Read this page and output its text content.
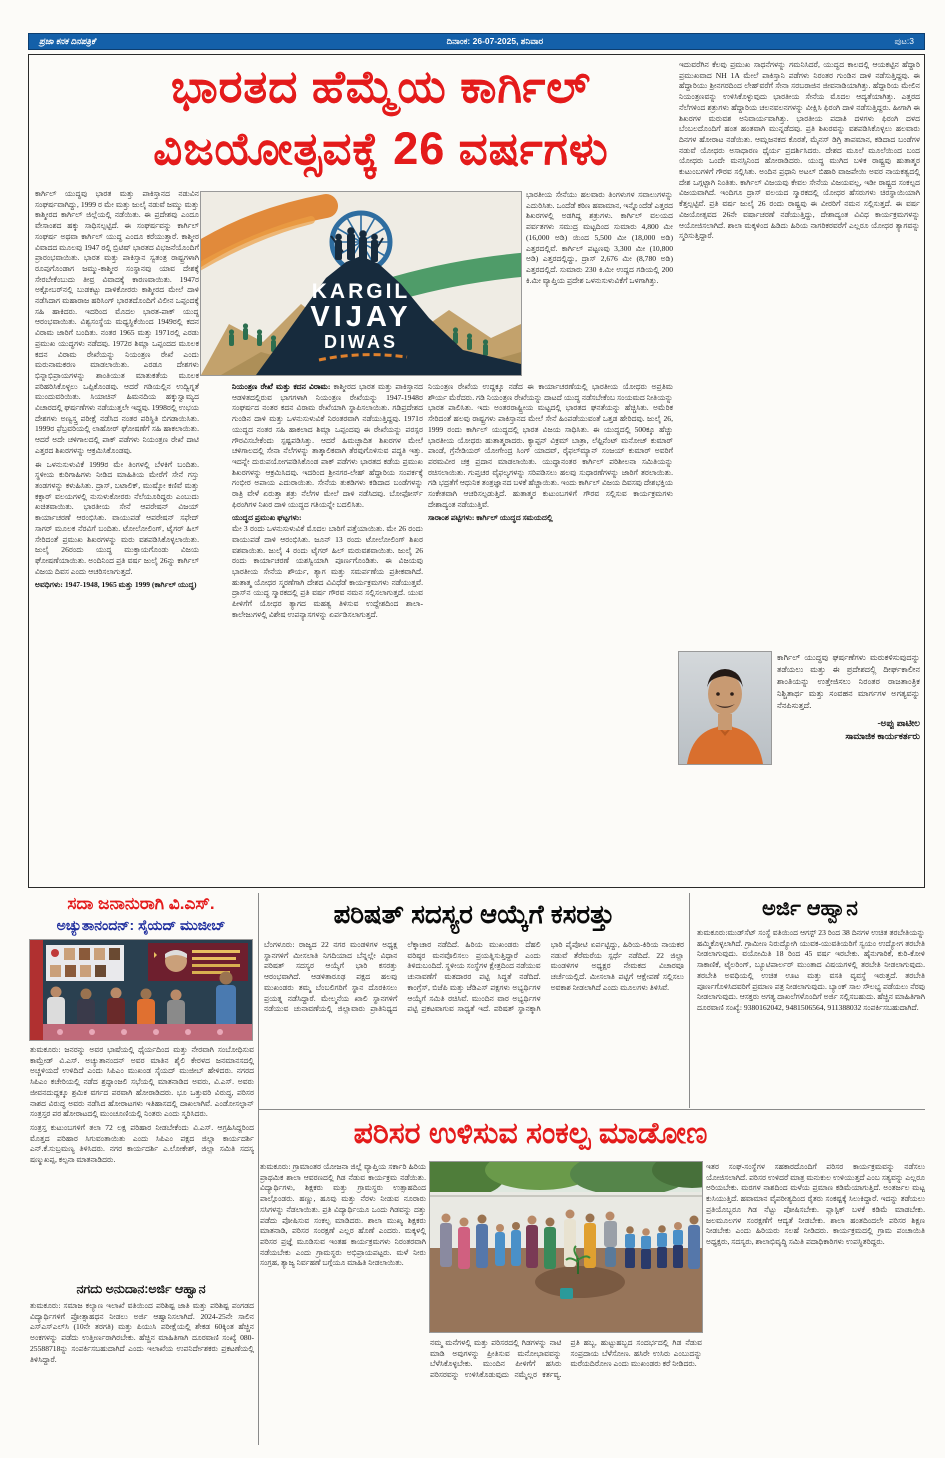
ಪ್ರಜಾ ಕನಕ ದಿನಪತ್ರಿಕೆ	ದಿನಾಂಕ: 26-07-2025, ಶನಿವಾರ	ಪುಟ:3
ಭಾರತದ ಹೆಮ್ಮೆಯ ಕಾರ್ಗಿಲ್
ವಿಜಯೋತ್ಸವಕ್ಕೆ 26 ವರ್ಷಗಳು
ಕಾರ್ಗಿಲ್ ಯುದ್ಧವು ಭಾರತ ಮತ್ತು ಪಾಕಿಸ್ತಾನದ ನಡುವಿನ ಸಂಘರ್ಷವಾಗಿದ್ದು, 1999 ರ ಮೇ ಮತ್ತು ಜುಲೈ ನಡುವೆ ಜಮ್ಮು ಮತ್ತು ಕಾಶ್ಮೀರದ ಕಾರ್ಗಿಲ್ ಜಿಲ್ಲೆಯಲ್ಲಿ ನಡೆಯಿತು. ಈ ಪ್ರದೇಶವು ಎಂದೂ ವೇಸಾಂಶದ ಹಕ್ಕು ಸಾಧಿಸಲ್ಪಟ್ಟಿದೆ. ಈ ಸಂಘರ್ಷವನ್ನು ಕಾರ್ಗಿಲ್ ಸಂಘರ್ಷ ಅಥವಾ ಕಾರ್ಗಿಲ್ ಯುದ್ಧ ಎಂದೂ ಕರೆಯುತ್ತಾರೆ. ಕಾಶ್ಮೀರ ವಿವಾದದ ಮೂಲವು 1947 ರಲ್ಲಿ ಬ್ರಿಟಿಷ್ ಭಾರತದ ವಿಭಜನೆಯೊಂದಿಗೆ ಪ್ರಾರಂಭವಾಯಿತು. ಭಾರತ ಮತ್ತು ಪಾಕಿಸ್ತಾನ ಸ್ವತಂತ್ರ ರಾಷ್ಟ್ರಗಳಾಗಿ ರೂಪುಗೊಂಡಾಗ ಜಮ್ಮು-ಕಾಶ್ಮೀರ ಸಂಸ್ಥಾನವು ಯಾವ ದೇಶಕ್ಕೆ ಸೇರಬೇಕೆಂಬುದು ತೀವ್ರ ವಿವಾದಕ್ಕೆ ಕಾರಣವಾಯಿತು. 1947ರ ಅಕ್ಟೋಬರ್‌ನಲ್ಲಿ ಬುಡಕಟ್ಟು ದಾಳಿಕೋರರು ಕಾಶ್ಮೀರದ ಮೇಲೆ ದಾಳಿ ನಡೆಸಿದಾಗ ಮಹಾರಾಜ ಹರಿಸಿಂಗ್ ಭಾರತದೊಂದಿಗೆ ವಿಲೀನ ಒಪ್ಪಂದಕ್ಕೆ ಸಹಿ ಹಾಕಿದರು. ಇದರಿಂದ ಮೊದಲ ಭಾರತ-ಪಾಕ್ ಯುದ್ಧ ಆರಂಭವಾಯಿತು. ವಿಶ್ವಸಂಸ್ಥೆಯ ಮಧ್ಯಸ್ಥಿಕೆಯಿಂದ 1949ರಲ್ಲಿ ಕದನ ವಿರಾಮ ಜಾರಿಗೆ ಬಂದಿತು. ನಂತರ 1965 ಮತ್ತು 1971ರಲ್ಲಿ ಎರಡು ಪ್ರಮುಖ ಯುದ್ಧಗಳು ನಡೆದವು. 1972ರ ಶಿಮ್ಲಾ ಒಪ್ಪಂದದ ಮೂಲಕ ಕದನ ವಿರಾಮ ರೇಖೆಯನ್ನು ನಿಯಂತ್ರಣ ರೇಖೆ ಎಂದು ಮರುನಾಮಕರಣ ಮಾಡಲಾಯಿತು. ಎರಡೂ ದೇಶಗಳು ಭಿನ್ನಾಭಿಪ್ರಾಯಗಳನ್ನು ಶಾಂತಿಯುತ ಮಾತುಕತೆಯ ಮೂಲಕ ಪರಿಹರಿಸಿಕೊಳ್ಳಲು ಒಪ್ಪಿಕೊಂಡವು. ಆದರೆ ಗಡಿಯಲ್ಲಿನ ಉದ್ವಿಗ್ನತೆ ಮುಂದುವರಿಯಿತು. ಸಿಯಾಚಿನ್ ಹಿಮನದಿಯ ಹಕ್ಕುಸ್ವಾಮ್ಯದ ವಿಚಾರದಲ್ಲಿ ಘರ್ಷಣೆಗಳು ನಡೆಯುತ್ತಲೇ ಇದ್ದವು. 1998ರಲ್ಲಿ ಉಭಯ ದೇಶಗಳು ಅಣ್ವಸ್ತ್ರ ಪರೀಕ್ಷೆ ನಡೆಸಿದ ನಂತರ ಪರಿಸ್ಥಿತಿ ಬಿಗಡಾಯಿಸಿತು. 1999ರ ಫೆಬ್ರವರಿಯಲ್ಲಿ ಲಾಹೋರ್ ಘೋಷಣೆಗೆ ಸಹಿ ಹಾಕಲಾಯಿತು. ಆದರೆ ಅದೇ ಚಳಿಗಾಲದಲ್ಲಿ ಪಾಕ್ ಪಡೆಗಳು ನಿಯಂತ್ರಣ ರೇಖೆ ದಾಟಿ ಎತ್ತರದ ಶಿಖರಗಳನ್ನು ಆಕ್ರಮಿಸಿಕೊಂಡವು.
ಈ ಒಳನುಸುಳುವಿಕೆ 1999ರ ಮೇ ತಿಂಗಳಲ್ಲಿ ಬೆಳಕಿಗೆ ಬಂದಿತು. ಸ್ಥಳೀಯ ಕುರಿಗಾಹಿಗಳು ನೀಡಿದ ಮಾಹಿತಿಯ ಮೇರೆಗೆ ಸೇನೆ ಗಸ್ತು ತಂಡಗಳನ್ನು ಕಳುಹಿಸಿತು. ದ್ರಾಸ್, ಬಟಾಲಿಕ್, ಮುಷ್ಕೋ ಕಣಿವೆ ಮತ್ತು ಕಕ್ಸಾರ್ ವಲಯಗಳಲ್ಲಿ ನುಸುಳುಕೋರರು ನೆಲೆಯೂರಿದ್ದರು ಎಂಬುದು ಖಚಿತವಾಯಿತು. ಭಾರತೀಯ ಸೇನೆ ಆಪರೇಷನ್ ವಿಜಯ್ ಕಾರ್ಯಾಚರಣೆ ಆರಂಭಿಸಿತು. ವಾಯುಪಡೆ ಆಪರೇಷನ್ ಸಫೇದ್ ಸಾಗರ್ ಮೂಲಕ ನೆರವಿಗೆ ಬಂದಿತು. ಟೋಲೋಲಿಂಗ್, ಟೈಗರ್ ಹಿಲ್ ಸೇರಿದಂತೆ ಪ್ರಮುಖ ಶಿಖರಗಳನ್ನು ಮರು ವಶಪಡಿಸಿಕೊಳ್ಳಲಾಯಿತು. ಜುಲೈ 26ರಂದು ಯುದ್ಧ ಮುಕ್ತಾಯಗೊಂಡು ವಿಜಯ ಘೋಷಣೆಯಾಯಿತು. ಅಂದಿನಿಂದ ಪ್ರತಿ ವರ್ಷ ಜುಲೈ 26ನ್ನು ಕಾರ್ಗಿಲ್ ವಿಜಯ ದಿವಸ ಎಂದು ಆಚರಿಸಲಾಗುತ್ತದೆ.
ಅವಧಿಗಳು: 1947-1948, 1965 ಮತ್ತು 1999 (ಕಾರ್ಗಿಲ್ ಯುದ್ಧ)
KARGIL
VIJAY
DIWAS
ಭಾರತೀಯ ಸೇನೆಯು ಹಲವಾರು ತಿಂಗಳುಗಳ ಸವಾಲುಗಳನ್ನು ಎದುರಿಸಿತು. ಒಂದೆಡೆ ಕಠಿಣ ಹವಾಮಾನ, ಇನ್ನೊಂದೆಡೆ ಎತ್ತರದ ಶಿಖರಗಳಲ್ಲಿ ಅಡಗಿದ್ದ ಶತ್ರುಗಳು. ಕಾರ್ಗಿಲ್ ವಲಯದ ಪರ್ವತಗಳು ಸಮುದ್ರ ಮಟ್ಟದಿಂದ ಸುಮಾರು 4,800 ಮೀ (16,000 ಅಡಿ) ಯಿಂದ 5,500 ಮೀ (18,000 ಅಡಿ) ಎತ್ತರದಲ್ಲಿವೆ. ಕಾರ್ಗಿಲ್ ಪಟ್ಟಣವು 3,300 ಮೀ (10,800 ಅಡಿ) ಎತ್ತರದಲ್ಲಿದ್ದು, ದ್ರಾಸ್ 2,676 ಮೀ (8,780 ಅಡಿ) ಎತ್ತರದಲ್ಲಿದೆ. ಸುಮಾರು 230 ಕಿ.ಮೀ ಉದ್ದದ ಗಡಿಯಲ್ಲಿ 200 ಕಿ.ಮೀ ವ್ಯಾಪ್ತಿಯ ಪ್ರದೇಶ ಒಳನುಸುಳುವಿಕೆಗೆ ಒಳಗಾಗಿತ್ತು.
ನಿಯಂತ್ರಣ ರೇಖೆ ಮತ್ತು ಕದನ ವಿರಾಮ: ಕಾಶ್ಮೀರದ ಭಾರತ ಮತ್ತು ಪಾಕಿಸ್ತಾನದ ಆಡಳಿತದಲ್ಲಿರುವ ಭಾಗಗಳಾಗಿ ನಿಯಂತ್ರಣ ರೇಖೆಯನ್ನು 1947-1948ರ ಸಂಘರ್ಷದ ನಂತರ ಕದನ ವಿರಾಮ ರೇಖೆಯಾಗಿ ಸ್ಥಾಪಿಸಲಾಯಿತು. ಗಡಿಪ್ರದೇಶದ ಗುಂಡಿನ ದಾಳಿ ಮತ್ತು ಒಳನುಸುಳುವಿಕೆ ನಿರಂತರವಾಗಿ ನಡೆಯುತ್ತಿದ್ದವು. 1971ರ ಯುದ್ಧದ ನಂತರ ಸಹಿ ಹಾಕಲಾದ ಶಿಮ್ಲಾ ಒಪ್ಪಂದವು ಈ ರೇಖೆಯನ್ನು ಪರಸ್ಪರ ಗೌರವಿಸಬೇಕೆಂದು ಸ್ಪಷ್ಟಪಡಿಸಿತ್ತು. ಆದರೆ ಹಿಮಚ್ಛಾದಿತ ಶಿಖರಗಳ ಮೇಲೆ ಚಳಿಗಾಲದಲ್ಲಿ ಸೇನಾ ನೆಲೆಗಳನ್ನು ತಾತ್ಕಾಲಿಕವಾಗಿ ತೆರವುಗೊಳಿಸುವ ಪದ್ಧತಿ ಇತ್ತು. ಇದನ್ನೇ ದುರುಪಯೋಗಪಡಿಸಿಕೊಂಡ ಪಾಕ್ ಪಡೆಗಳು ಭಾರತದ ಕಡೆಯ ಪ್ರಮುಖ ಶಿಖರಗಳನ್ನು ಆಕ್ರಮಿಸಿದವು. ಇದರಿಂದ ಶ್ರೀನಗರ-ಲೇಹ್ ಹೆದ್ದಾರಿಯ ಸಂಪರ್ಕಕ್ಕೆ ಗಂಭೀರ ಅಪಾಯ ಎದುರಾಯಿತು. ಸೇನೆಯ ತುಕಡಿಗಳು ಕಡಿದಾದ ಬಂಡೆಗಳನ್ನು ರಾತ್ರಿ ವೇಳೆ ಏರುತ್ತಾ ಶತ್ರು ನೆಲೆಗಳ ಮೇಲೆ ದಾಳಿ ನಡೆಸಿದವು. ಬೋಫೋರ್ಸ್ ಫಿರಂಗಿಗಳ ನಿಖರ ದಾಳಿ ಯುದ್ಧದ ಗತಿಯನ್ನೇ ಬದಲಿಸಿತು.
ಯುದ್ಧದ ಪ್ರಮುಖ ಘಟ್ಟಗಳು:
ಮೇ 3 ರಂದು ಒಳನುಸುಳುವಿಕೆ ಮೊದಲ ಬಾರಿಗೆ ಪತ್ತೆಯಾಯಿತು. ಮೇ 26 ರಂದು ವಾಯುಪಡೆ ದಾಳಿ ಆರಂಭಿಸಿತು. ಜೂನ್ 13 ರಂದು ಟೋಲೋಲಿಂಗ್ ಶಿಖರ ವಶವಾಯಿತು. ಜುಲೈ 4 ರಂದು ಟೈಗರ್ ಹಿಲ್ ಮರುವಶವಾಯಿತು. ಜುಲೈ 26 ರಂದು ಕಾರ್ಯಾಚರಣೆ ಯಶಸ್ವಿಯಾಗಿ ಪೂರ್ಣಗೊಂಡಿತು. ಈ ವಿಜಯವು ಭಾರತೀಯ ಸೇನೆಯ ಶೌರ್ಯ, ತ್ಯಾಗ ಮತ್ತು ಸಮರ್ಪಣೆಯ ಪ್ರತೀಕವಾಗಿದೆ. ಹುತಾತ್ಮ ಯೋಧರ ಸ್ಮರಣೆಗಾಗಿ ದೇಶದ ವಿವಿಧೆಡೆ ಕಾರ್ಯಕ್ರಮಗಳು ನಡೆಯುತ್ತವೆ. ದ್ರಾಸ್‌ನ ಯುದ್ಧ ಸ್ಮಾರಕದಲ್ಲಿ ಪ್ರತಿ ವರ್ಷ ಗೌರವ ನಮನ ಸಲ್ಲಿಸಲಾಗುತ್ತದೆ. ಯುವ ಪೀಳಿಗೆಗೆ ಯೋಧರ ತ್ಯಾಗದ ಮಹತ್ವ ತಿಳಿಸುವ ಉದ್ದೇಶದಿಂದ ಶಾಲಾ-ಕಾಲೇಜುಗಳಲ್ಲಿ ವಿಶೇಷ ಉಪನ್ಯಾಸಗಳನ್ನು ಏರ್ಪಡಿಸಲಾಗುತ್ತದೆ.
ನಿಯಂತ್ರಣ ರೇಖೆಯ ಉದ್ದಕ್ಕೂ ನಡೆದ ಈ ಕಾರ್ಯಾಚರಣೆಯಲ್ಲಿ ಭಾರತೀಯ ಯೋಧರು ಅಪ್ರತಿಮ ಶೌರ್ಯ ಮೆರೆದರು. ಗಡಿ ನಿಯಂತ್ರಣ ರೇಖೆಯನ್ನು ದಾಟದೆ ಯುದ್ಧ ನಡೆಸಬೇಕೆಂಬ ಸಂಯಮದ ನೀತಿಯನ್ನು ಭಾರತ ಪಾಲಿಸಿತು. ಇದು ಅಂತರರಾಷ್ಟ್ರೀಯ ಮಟ್ಟದಲ್ಲಿ ಭಾರತದ ಘನತೆಯನ್ನು ಹೆಚ್ಚಿಸಿತು. ಅಮೆರಿಕ ಸೇರಿದಂತೆ ಹಲವು ರಾಷ್ಟ್ರಗಳು ಪಾಕಿಸ್ತಾನದ ಮೇಲೆ ಸೇನೆ ಹಿಂಪಡೆಯುವಂತೆ ಒತ್ತಡ ಹೇರಿದವು. ಜುಲೈ 26, 1999 ರಂದು ಕಾರ್ಗಿಲ್ ಯುದ್ಧದಲ್ಲಿ ಭಾರತ ವಿಜಯ ಸಾಧಿಸಿತು. ಈ ಯುದ್ಧದಲ್ಲಿ 500ಕ್ಕೂ ಹೆಚ್ಚು ಭಾರತೀಯ ಯೋಧರು ಹುತಾತ್ಮರಾದರು. ಕ್ಯಾಪ್ಟನ್ ವಿಕ್ರಮ್ ಬಾತ್ರಾ, ಲೆಫ್ಟಿನೆಂಟ್ ಮನೋಜ್ ಕುಮಾರ್ ಪಾಂಡೆ, ಗ್ರೆನೇಡಿಯರ್ ಯೋಗೇಂದ್ರ ಸಿಂಗ್ ಯಾದವ್, ರೈಫಲ್‌ಮ್ಯಾನ್ ಸಂಜಯ್ ಕುಮಾರ್ ಅವರಿಗೆ ಪರಮವೀರ ಚಕ್ರ ಪ್ರದಾನ ಮಾಡಲಾಯಿತು. ಯುದ್ಧಾನಂತರ ಕಾರ್ಗಿಲ್ ಪರಿಶೀಲನಾ ಸಮಿತಿಯನ್ನು ರಚಿಸಲಾಯಿತು. ಗುಪ್ತಚರ ವೈಫಲ್ಯಗಳನ್ನು ಸರಿಪಡಿಸಲು ಹಲವು ಸುಧಾರಣೆಗಳನ್ನು ಜಾರಿಗೆ ತರಲಾಯಿತು. ಗಡಿ ಭದ್ರತೆಗೆ ಆಧುನಿಕ ತಂತ್ರಜ್ಞಾನದ ಬಳಕೆ ಹೆಚ್ಚಾಯಿತು. ಇಂದು ಕಾರ್ಗಿಲ್ ವಿಜಯ ದಿವಸವು ದೇಶಭಕ್ತಿಯ ಸಂಕೇತವಾಗಿ ಆಚರಿಸಲ್ಪಡುತ್ತಿದೆ. ಹುತಾತ್ಮರ ಕುಟುಂಬಗಳಿಗೆ ಗೌರವ ಸಲ್ಲಿಸುವ ಕಾರ್ಯಕ್ರಮಗಳು ದೇಶಾದ್ಯಂತ ನಡೆಯುತ್ತಿವೆ.
ಸಾರಾಂಶ ಪಟ್ಟಿಗಳು: ಕಾರ್ಗಿಲ್ ಯುದ್ಧದ ಸಮಯದಲ್ಲಿ
ಇದುವರೆಗಿನ ಕೆಲವು ಪ್ರಮುಖ ಸಾಧನೆಗಳನ್ನು ಗಮನಿಸಿದರೆ, ಯುದ್ಧದ ಕಾಲದಲ್ಲಿ ಆಯಕಟ್ಟಿನ ಹೆದ್ದಾರಿ ಪ್ರಮುಖವಾದ NH 1A ಮೇಲೆ ಪಾಕಿಸ್ತಾನಿ ಪಡೆಗಳು ನಿರಂತರ ಗುಂಡಿನ ದಾಳಿ ನಡೆಸುತ್ತಿದ್ದವು. ಈ ಹೆದ್ದಾರಿಯು ಶ್ರೀನಗರದಿಂದ ಲೇಹ್‌ವರೆಗೆ ಸೇನಾ ಸರಬರಾಜಿನ ಜೀವನಾಡಿಯಾಗಿತ್ತು. ಹೆದ್ದಾರಿಯ ಮೇಲಿನ ನಿಯಂತ್ರಣವನ್ನು ಉಳಿಸಿಕೊಳ್ಳುವುದು ಭಾರತೀಯ ಸೇನೆಯ ಮೊದಲ ಆದ್ಯತೆಯಾಗಿತ್ತು. ಎತ್ತರದ ನೆಲೆಗಳಿಂದ ಶತ್ರುಗಳು ಹೆದ್ದಾರಿಯ ಚಲನವಲನಗಳನ್ನು ವೀಕ್ಷಿಸಿ ಫಿರಂಗಿ ದಾಳಿ ನಡೆಸುತ್ತಿದ್ದರು. ಹೀಗಾಗಿ ಈ ಶಿಖರಗಳ ಮರುವಶ ಅನಿವಾರ್ಯವಾಗಿತ್ತು. ಭಾರತೀಯ ಪದಾತಿ ದಳಗಳು ಫಿರಂಗಿ ದಳದ ಬೆಂಬಲದೊಂದಿಗೆ ಹಂತ ಹಂತವಾಗಿ ಮುನ್ನಡೆದವು. ಪ್ರತಿ ಶಿಖರವನ್ನು ವಶಪಡಿಸಿಕೊಳ್ಳಲು ಹಲವಾರು ದಿನಗಳ ಹೋರಾಟ ನಡೆಯಿತು. ಆಮ್ಲಜನಕದ ಕೊರತೆ, ಮೈನಸ್ ಡಿಗ್ರಿ ತಾಪಮಾನ, ಕಡಿದಾದ ಬಂಡೆಗಳ ನಡುವೆ ಯೋಧರು ಅಸಾಧಾರಣ ಧೈರ್ಯ ಪ್ರದರ್ಶಿಸಿದರು. ದೇಶದ ಮೂಲೆ ಮೂಲೆಯಿಂದ ಬಂದ ಯೋಧರು ಒಂದೇ ಮನಸ್ಸಿನಿಂದ ಹೋರಾಡಿದರು. ಯುದ್ಧ ಮುಗಿದ ಬಳಿಕ ರಾಷ್ಟ್ರವು ಹುತಾತ್ಮರ ಕುಟುಂಬಗಳಿಗೆ ಗೌರವ ಸಲ್ಲಿಸಿತು. ಅಂದಿನ ಪ್ರಧಾನಿ ಅಟಲ್ ಬಿಹಾರಿ ವಾಜಪೇಯಿ ಅವರ ನಾಯಕತ್ವದಲ್ಲಿ ದೇಶ ಒಗ್ಗಟ್ಟಾಗಿ ನಿಂತಿತು. ಕಾರ್ಗಿಲ್ ವಿಜಯವು ಕೇವಲ ಸೇನೆಯ ವಿಜಯವಲ್ಲ, ಇಡೀ ರಾಷ್ಟ್ರದ ಸಂಕಲ್ಪದ ವಿಜಯವಾಗಿದೆ. ಇಂದಿಗೂ ದ್ರಾಸ್ ವಲಯದ ಸ್ಮಾರಕದಲ್ಲಿ ಯೋಧರ ಹೆಸರುಗಳು ಚಿರಸ್ಥಾಯಿಯಾಗಿ ಕೆತ್ತಲ್ಪಟ್ಟಿವೆ. ಪ್ರತಿ ವರ್ಷ ಜುಲೈ 26 ರಂದು ರಾಷ್ಟ್ರವು ಈ ವೀರರಿಗೆ ನಮನ ಸಲ್ಲಿಸುತ್ತದೆ. ಈ ವರ್ಷ ವಿಜಯೋತ್ಸವದ 26ನೇ ವರ್ಷಾಚರಣೆ ನಡೆಯುತ್ತಿದ್ದು, ದೇಶಾದ್ಯಂತ ವಿವಿಧ ಕಾರ್ಯಕ್ರಮಗಳನ್ನು ಆಯೋಜಿಸಲಾಗಿದೆ. ಶಾಲಾ ಮಕ್ಕಳಿಂದ ಹಿಡಿದು ಹಿರಿಯ ನಾಗರಿಕರವರೆಗೆ ಎಲ್ಲರೂ ಯೋಧರ ತ್ಯಾಗವನ್ನು ಸ್ಮರಿಸುತ್ತಿದ್ದಾರೆ.
ಕಾರ್ಗಿಲ್ ಯುದ್ಧವು ಘರ್ಷಣೆಗಳು ಮರುಕಳಿಸುವುದನ್ನು ತಡೆಯಲು ಮತ್ತು ಈ ಪ್ರದೇಶದಲ್ಲಿ ದೀರ್ಘಕಾಲೀನ ಶಾಂತಿಯನ್ನು ಉತ್ತೇಜಿಸಲು ನಿರಂತರ ರಾಜತಾಂತ್ರಿಕ ನಿಶ್ಚಿತಾರ್ಥ ಮತ್ತು ಸಂವಹನ ಮಾರ್ಗಗಳ ಅಗತ್ಯವನ್ನು ನೆನಪಿಸುತ್ತದೆ.
-ಅಪ್ಪು ಪಾಟೀಲ
ಸಾಮಾಜಿಕ ಕಾರ್ಯಕರ್ತರು
ಸದಾ ಜನಾನುರಾಗಿ ವಿ.ಎಸ್.
ಅಚ್ಯುತಾನಂದನ್: ಸೈಯದ್ ಮುಜೀಬ್
ತುಮಕೂರು: ಜನರನ್ನು ಅವರ ಭಾಷೆಯಲ್ಲಿ ಧೈರ್ಯದಿಂದ ಮತ್ತು ನೇರವಾಗಿ ಸಂಬೋಧಿಸುವ ಕಾಮ್ರೇಡ್ ವಿ.ಎಸ್. ಅಚ್ಯುತಾನಂದನ್ ಅವರ ಮಾತಿನ ಶೈಲಿ ಕೇರಳದ ಜನಮಾನಸದಲ್ಲಿ ಅಚ್ಚಳಿಯದೆ ಉಳಿದಿದೆ ಎಂದು ಸಿಪಿಎಂ ಮುಖಂಡ ಸೈಯದ್ ಮುಜೀಬ್ ಹೇಳಿದರು. ನಗರದ ಸಿಪಿಎಂ ಕಚೇರಿಯಲ್ಲಿ ನಡೆದ ಶ್ರದ್ಧಾಂಜಲಿ ಸಭೆಯಲ್ಲಿ ಮಾತನಾಡಿದ ಅವರು, ವಿ.ಎಸ್. ಅವರು ಜೀವನದುದ್ದಕ್ಕೂ ಶ್ರಮಿಕ ವರ್ಗದ ಪರವಾಗಿ ಹೋರಾಡಿದರು. ಭೂ ಒತ್ತುವರಿ ವಿರುದ್ಧ, ಪರಿಸರ ನಾಶದ ವಿರುದ್ಧ ಅವರು ನಡೆಸಿದ ಹೋರಾಟಗಳು ಇತಿಹಾಸದಲ್ಲಿ ದಾಖಲಾಗಿವೆ. ಎಂಡೋಸಲ್ಫಾನ್ ಸಂತ್ರಸ್ತರ ಪರ ಹೋರಾಟದಲ್ಲಿ ಮುಂಚೂಣಿಯಲ್ಲಿ ನಿಂತರು ಎಂದು ಸ್ಮರಿಸಿದರು.
ಸಂತ್ರಸ್ತ ಕುಟುಂಬಗಳಿಗೆ ತಲಾ 72 ಲಕ್ಷ ಪರಿಹಾರ ನೀಡಬೇಕೆಂದು ವಿ.ಎಸ್. ಆಗ್ರಹಿಸಿದ್ದರಿಂದ ಮೊತ್ತದ ಪರಿಹಾರ ಸಿಗುವಂತಾಯಿತು ಎಂದು ಸಿಪಿಎಂ ಪಕ್ಷದ ಜಿಲ್ಲಾ ಕಾರ್ಯದರ್ಶಿ ಎನ್.ಕೆ.ಸುಬ್ರಮಣ್ಯ ತಿಳಿಸಿದರು. ನಗರ ಕಾರ್ಯದರ್ಶಿ ಎ.ಲೋಕೇಶ್, ಜಿಲ್ಲಾ ಸಮಿತಿ ಸದಸ್ಯ ಷಣ್ಮುಖಪ್ಪ, ಕಲ್ಪನಾ ಮಾತನಾಡಿದರು.
ನಗದು ಅನುದಾನ:ಅರ್ಜಿ ಆಹ್ವಾನ
ತುಮಕೂರು: ಸಮಾಜ ಕಲ್ಯಾಣ ಇಲಾಖೆ ವತಿಯಿಂದ ಪರಿಶಿಷ್ಟ ಜಾತಿ ಮತ್ತು ಪರಿಶಿಷ್ಟ ಪಂಗಡದ ವಿದ್ಯಾರ್ಥಿಗಳಿಗೆ ಪ್ರೋತ್ಸಾಹಧನ ನೀಡಲು ಅರ್ಜಿ ಆಹ್ವಾನಿಸಲಾಗಿದೆ. 2024-25ನೇ ಸಾಲಿನ ಎಸ್‌ಎಸ್‌ಎಲ್‌ಸಿ (10ನೇ ತರಗತಿ) ಮತ್ತು ಪಿಯುಸಿ ಪರೀಕ್ಷೆಯಲ್ಲಿ ಶೇಕಡ 60ಕ್ಕಿಂತ ಹೆಚ್ಚಿನ ಅಂಕಗಳನ್ನು ಪಡೆದು ಉತ್ತೀರ್ಣರಾಗಿರಬೇಕು. ಹೆಚ್ಚಿನ ಮಾಹಿತಿಗಾಗಿ ದೂರವಾಣಿ ಸಂಖ್ಯೆ 080-25588718ನ್ನು ಸಂಪರ್ಕಿಸಬಹುದಾಗಿದೆ ಎಂದು ಇಲಾಖೆಯ ಉಪನಿರ್ದೇಶಕರು ಪ್ರಕಟಣೆಯಲ್ಲಿ ತಿಳಿಸಿದ್ದಾರೆ.
ಪರಿಷತ್ ಸದಸ್ಯರ ಆಯ್ಕೆಗೆ ಕಸರತ್ತು
ಬೆಂಗಳೂರು: ರಾಜ್ಯದ 22 ನಗರ ಮಂಡಳಿಗಳ ಅಧ್ಯಕ್ಷ ಸ್ಥಾನಗಳಿಗೆ ಮೀಸಲಾತಿ ನಿಗದಿಯಾದ ಬೆನ್ನಲ್ಲೇ ವಿಧಾನ ಪರಿಷತ್ ಸದಸ್ಯರ ಆಯ್ಕೆಗೆ ಭಾರಿ ಕಸರತ್ತು ಆರಂಭವಾಗಿದೆ. ಆಡಳಿತಾರೂಢ ಪಕ್ಷದ ಹಲವು ಮುಖಂಡರು ತಮ್ಮ ಬೆಂಬಲಿಗರಿಗೆ ಸ್ಥಾನ ದೊರಕಿಸಲು ಪ್ರಯತ್ನ ನಡೆಸಿದ್ದಾರೆ. ಮೇಲ್ಮನೆಯ ಖಾಲಿ ಸ್ಥಾನಗಳಿಗೆ ನಡೆಯುವ ಚುನಾವಣೆಯಲ್ಲಿ ಜಿಲ್ಲಾವಾರು ಪ್ರಾತಿನಿಧ್ಯದ ಲೆಕ್ಕಾಚಾರ ನಡೆದಿದೆ. ಹಿರಿಯ ಮುಖಂಡರು ದೆಹಲಿ ವರಿಷ್ಠರ ಮನವೊಲಿಸಲು ಪ್ರಯತ್ನಿಸುತ್ತಿದ್ದಾರೆ ಎಂದು ತಿಳಿದುಬಂದಿದೆ. ಸ್ಥಳೀಯ ಸಂಸ್ಥೆಗಳ ಕ್ಷೇತ್ರದಿಂದ ನಡೆಯುವ ಚುನಾವಣೆಗೆ ಮತದಾರರ ಪಟ್ಟಿ ಸಿದ್ಧತೆ ನಡೆದಿದೆ. ಕಾಂಗ್ರೆಸ್, ಬಿಜೆಪಿ ಮತ್ತು ಜೆಡಿಎಸ್ ಪಕ್ಷಗಳು ಅಭ್ಯರ್ಥಿಗಳ ಆಯ್ಕೆಗೆ ಸಮಿತಿ ರಚಿಸಿವೆ. ಮುಂದಿನ ವಾರ ಅಭ್ಯರ್ಥಿಗಳ ಪಟ್ಟಿ ಪ್ರಕಟವಾಗುವ ಸಾಧ್ಯತೆ ಇದೆ. ಪರಿಷತ್ ಸ್ಥಾನಕ್ಕಾಗಿ ಭಾರಿ ಪೈಪೋಟಿ ಏರ್ಪಟ್ಟಿದ್ದು, ಹಿರಿಯ-ಕಿರಿಯ ನಾಯಕರ ನಡುವೆ ತೆರೆಮರೆಯ ಸ್ಪರ್ಧೆ ನಡೆದಿದೆ. 22 ಜಿಲ್ಲಾ ಮಂಡಳಿಗಳ ಅಧ್ಯಕ್ಷರ ನೇಮಕದ ವಿಚಾರವೂ ಚರ್ಚೆಯಲ್ಲಿದೆ. ಮೀಸಲಾತಿ ಪಟ್ಟಿಗೆ ಆಕ್ಷೇಪಣೆ ಸಲ್ಲಿಸಲು ಅವಕಾಶ ನೀಡಲಾಗಿದೆ ಎಂದು ಮೂಲಗಳು ತಿಳಿಸಿವೆ.
ಅರ್ಜಿ ಆಹ್ವಾನ
ತುಮಕೂರು:ಮುಡ್‌ಸೆಟ್ ಸಂಸ್ಥೆ ವತಿಯಿಂದ ಆಗಸ್ಟ್ 23 ರಿಂದ 38 ದಿನಗಳ ಉಚಿತ ತರಬೇತಿಯನ್ನು ಹಮ್ಮಿಕೊಳ್ಳಲಾಗಿದೆ. ಗ್ರಾಮೀಣ ನಿರುದ್ಯೋಗಿ ಯುವಕ-ಯುವತಿಯರಿಗೆ ಸ್ವಯಂ ಉದ್ಯೋಗ ತರಬೇತಿ ನೀಡಲಾಗುವುದು. ವಯೋಮಿತಿ 18 ರಿಂದ 45 ವರ್ಷ ಇರಬೇಕು. ಹೈನುಗಾರಿಕೆ, ಕುರಿ-ಕೋಳಿ ಸಾಕಾಣಿಕೆ, ಟೈಲರಿಂಗ್, ಬ್ಯೂಟಿಪಾರ್ಲರ್ ಮುಂತಾದ ವಿಷಯಗಳಲ್ಲಿ ತರಬೇತಿ ನೀಡಲಾಗುವುದು. ತರಬೇತಿ ಅವಧಿಯಲ್ಲಿ ಉಚಿತ ಊಟ ಮತ್ತು ವಸತಿ ವ್ಯವಸ್ಥೆ ಇರುತ್ತದೆ. ತರಬೇತಿ ಪೂರ್ಣಗೊಳಿಸಿದವರಿಗೆ ಪ್ರಮಾಣ ಪತ್ರ ನೀಡಲಾಗುವುದು. ಬ್ಯಾಂಕ್ ಸಾಲ ಸೌಲಭ್ಯ ಪಡೆಯಲು ನೆರವು ನೀಡಲಾಗುವುದು. ಆಸಕ್ತರು ಅಗತ್ಯ ದಾಖಲೆಗಳೊಂದಿಗೆ ಅರ್ಜಿ ಸಲ್ಲಿಸಬಹುದು. ಹೆಚ್ಚಿನ ಮಾಹಿತಿಗಾಗಿ ದೂರವಾಣಿ ಸಂಖ್ಯೆ: 9380162042, 9481506564, 911388032 ಸಂಪರ್ಕಿಸಬಹುದಾಗಿದೆ.
ಪರಿಸರ ಉಳಿಸುವ ಸಂಕಲ್ಪ ಮಾಡೋಣ
ತುಮಕೂರು: ಗ್ರಾಮಾಂತರ ಯೋಜನಾ ಜಿಲ್ಲೆ ವ್ಯಾಪ್ತಿಯ ಸರ್ಕಾರಿ ಹಿರಿಯ ಪ್ರಾಥಮಿಕ ಶಾಲಾ ಆವರಣದಲ್ಲಿ ಗಿಡ ನೆಡುವ ಕಾರ್ಯಕ್ರಮ ನಡೆಯಿತು. ವಿದ್ಯಾರ್ಥಿಗಳು, ಶಿಕ್ಷಕರು ಮತ್ತು ಗ್ರಾಮಸ್ಥರು ಉತ್ಸಾಹದಿಂದ ಪಾಲ್ಗೊಂಡರು. ಹಣ್ಣು, ಹೂವು ಮತ್ತು ನೆರಳು ನೀಡುವ ನೂರಾರು ಸಸಿಗಳನ್ನು ನೆಡಲಾಯಿತು. ಪ್ರತಿ ವಿದ್ಯಾರ್ಥಿಯೂ ಒಂದು ಗಿಡವನ್ನು ದತ್ತು ಪಡೆದು ಪೋಷಿಸುವ ಸಂಕಲ್ಪ ಮಾಡಿದರು. ಶಾಲಾ ಮುಖ್ಯ ಶಿಕ್ಷಕರು ಮಾತನಾಡಿ, ಪರಿಸರ ಸಂರಕ್ಷಣೆ ಎಲ್ಲರ ಹೊಣೆ ಎಂದರು. ಮಕ್ಕಳಲ್ಲಿ ಪರಿಸರ ಪ್ರಜ್ಞೆ ಮೂಡಿಸುವ ಇಂತಹ ಕಾರ್ಯಕ್ರಮಗಳು ನಿರಂತರವಾಗಿ ನಡೆಯಬೇಕು ಎಂದು ಗ್ರಾಮಸ್ಥರು ಅಭಿಪ್ರಾಯಪಟ್ಟರು. ಮಳೆ ನೀರು ಸಂಗ್ರಹ, ತ್ಯಾಜ್ಯ ನಿರ್ವಹಣೆ ಬಗ್ಗೆಯೂ ಮಾಹಿತಿ ನೀಡಲಾಯಿತು.
ನಮ್ಮ ಮನೆಗಳಲ್ಲಿ ಮತ್ತು ಪರಿಸರದಲ್ಲಿ ಗಿಡಗಳನ್ನು ನಾಟಿ ಮಾಡಿ ಅವುಗಳನ್ನು ಪ್ರೀತಿಸುವ ಮನೋಭಾವವನ್ನು ಬೆಳೆಸಿಕೊಳ್ಳಬೇಕು. ಮುಂದಿನ ಪೀಳಿಗೆಗೆ ಹಸಿರು ಪರಿಸರವನ್ನು ಉಳಿಸಿಕೊಡುವುದು ನಮ್ಮೆಲ್ಲರ ಕರ್ತವ್ಯ. ಪ್ರತಿ ಹಬ್ಬ, ಹುಟ್ಟುಹಬ್ಬದ ಸಂದರ್ಭದಲ್ಲಿ ಗಿಡ ನೆಡುವ ಸಂಪ್ರದಾಯ ಬೆಳೆಸೋಣ. ಹಸಿರೇ ಉಸಿರು ಎಂಬುದನ್ನು ಮರೆಯದಿರೋಣ ಎಂದು ಮುಖಂಡರು ಕರೆ ನೀಡಿದರು.
ಇತರ ಸಂಘ-ಸಂಸ್ಥೆಗಳ ಸಹಕಾರದೊಂದಿಗೆ ಪರಿಸರ ಕಾರ್ಯಕ್ರಮವನ್ನು ನಡೆಸಲು ಯೋಜಿಸಲಾಗಿದೆ. ಪರಿಸರ ಉಳಿದರೆ ಮಾತ್ರ ಮನುಕುಲ ಉಳಿಯುತ್ತದೆ ಎಂಬ ಸತ್ಯವನ್ನು ಎಲ್ಲರೂ ಅರಿಯಬೇಕು. ಮರಗಳ ನಾಶದಿಂದ ಮಳೆಯ ಪ್ರಮಾಣ ಕಡಿಮೆಯಾಗುತ್ತಿದೆ. ಅಂತರ್ಜಲ ಮಟ್ಟ ಕುಸಿಯುತ್ತಿದೆ. ಹವಾಮಾನ ವೈಪರೀತ್ಯದಿಂದ ರೈತರು ಸಂಕಷ್ಟಕ್ಕೆ ಸಿಲುಕಿದ್ದಾರೆ. ಇದನ್ನು ತಡೆಯಲು ಪ್ರತಿಯೊಬ್ಬರೂ ಗಿಡ ನೆಟ್ಟು ಪೋಷಿಸಬೇಕು. ಪ್ಲಾಸ್ಟಿಕ್ ಬಳಕೆ ಕಡಿಮೆ ಮಾಡಬೇಕು. ಜಲಮೂಲಗಳ ಸಂರಕ್ಷಣೆಗೆ ಆದ್ಯತೆ ನೀಡಬೇಕು. ಶಾಲಾ ಹಂತದಿಂದಲೇ ಪರಿಸರ ಶಿಕ್ಷಣ ನೀಡಬೇಕು ಎಂದು ಹಿರಿಯರು ಸಲಹೆ ನೀಡಿದರು. ಕಾರ್ಯಕ್ರಮದಲ್ಲಿ ಗ್ರಾಮ ಪಂಚಾಯಿತಿ ಅಧ್ಯಕ್ಷರು, ಸದಸ್ಯರು, ಶಾಲಾಭಿವೃದ್ಧಿ ಸಮಿತಿ ಪದಾಧಿಕಾರಿಗಳು ಉಪಸ್ಥಿತರಿದ್ದರು.
